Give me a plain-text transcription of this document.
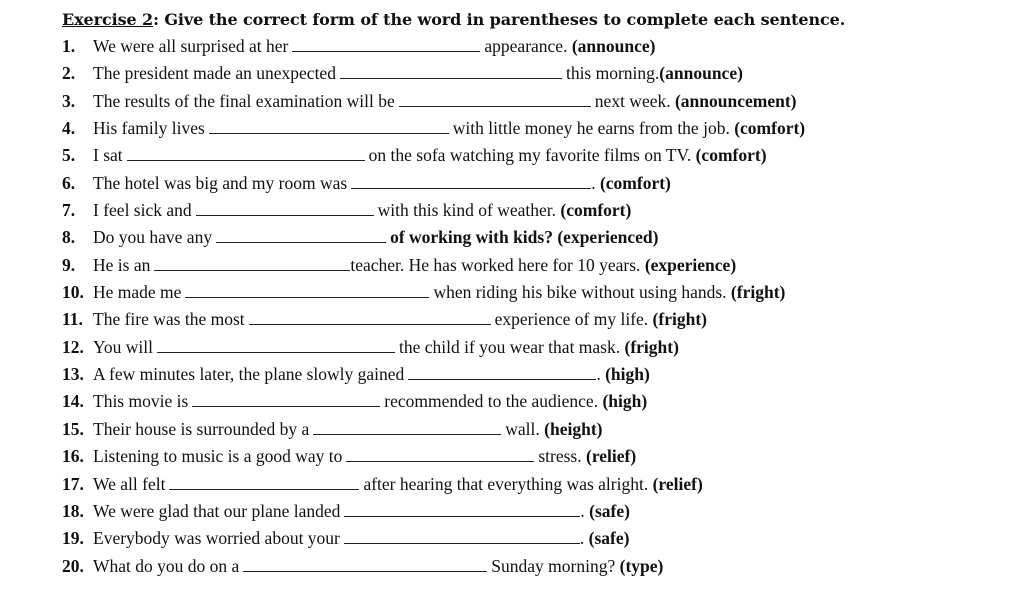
Exercise 2: Give the correct form of the word in parentheses to complete each sentence.
1.	We were all surprised at her	appearance.
(announce)
2.	The president made an unexpected	this morning. (announce)
3.	The results of the final examination will be	next week.
(announcement)
4.	His family lives	with little money he earns from the job.
(comfort)
5.	I sat	on the sofa watching my favorite films on TV.
(comfort)
6.	The hotel was big and my room was	.
(comfort)
7.	I feel sick and	with this kind of weather.
(comfort)
8.	Do you have any	of working with kids?
(experienced)
9.	He is an	teacher. He has worked here for 10 years.
(experience)
10. He made me	when riding his bike without using hands.
(fright)
11. The fire was the most	experience of my life.
(fright)
12. You will	the child if you wear that mask.
(fright)
13. A few minutes later, the plane slowly gained	.
(high)
14. This movie is	recommended to the audience.
(high)
15. Their house is surrounded by a	wall.
(height)
16. Listening to music is a good way to	stress.
(relief)
17. We all felt	after hearing that everything was alright.
(relief)
18. We were glad that our plane landed	.
(safe)
19. Everybody was worried about your	.
(safe)
20. What do you do on a	Sunday morning?
(type)
